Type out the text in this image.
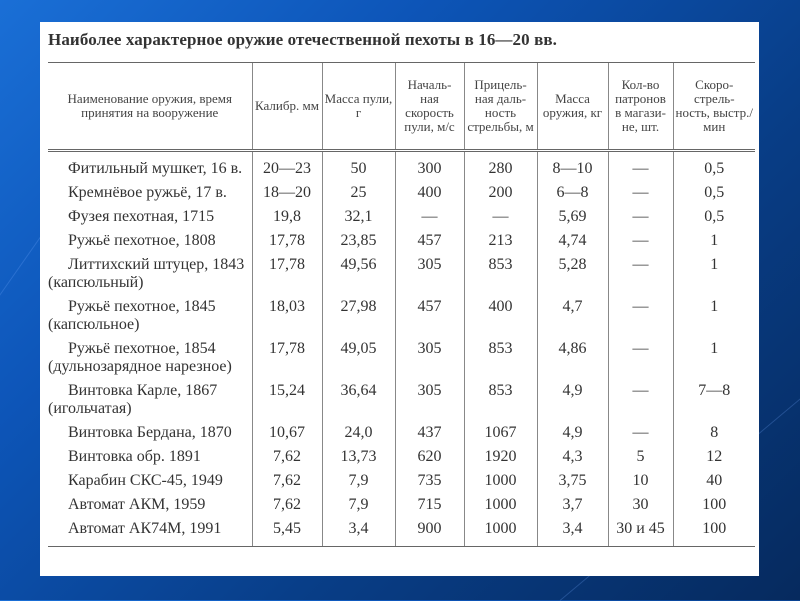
Наиболее характерное оружие отечественной пехоты в 16—20 вв.
Наименование оружия, время принятия на вооружение	Калибр. мм	Масса пули, г	Началь- ная скорость пули, м/с	Прицель- ная даль- ность стрельбы, м	Масса оружия, кг	Кол-во патронов в магази- не, шт.	Скоро- стрель- ность, выстр./мин

Фитильный мушкет, 16 в.	20—23	50	300	280	8—10	—	0,5

Кремнёвое ружьё, 17 в.	18—20	25	400	200	6—8	—	0,5

Фузея пехотная, 1715	19,8	32,1	—	—	5,69	—	0,5

Ружьё пехотное, 1808	17,78	23,85	457	213	4,74	—	1

Литтихский штуцер, 1843
(капсюльный)	17,78	49,56	305	853	5,28	—	1

Ружьё пехотное, 1845
(капсюльное)	18,03	27,98	457	400	4,7	—	1

Ружьё пехотное, 1854
(дульнозарядное нарезное)	17,78	49,05	305	853	4,86	—	1

Винтовка Карле, 1867
(игольчатая)	15,24	36,64	305	853	4,9	—	7—8

Винтовка Бердана, 1870	10,67	24,0	437	1067	4,9	—	8

Винтовка обр. 1891	7,62	13,73	620	1920	4,3	5	12

Карабин СКС-45, 1949	7,62	7,9	735	1000	3,75	10	40

Автомат АКМ, 1959	7,62	7,9	715	1000	3,7	30	100

Автомат АК74М, 1991	5,45	3,4	900	1000	3,4	30 и 45	100
